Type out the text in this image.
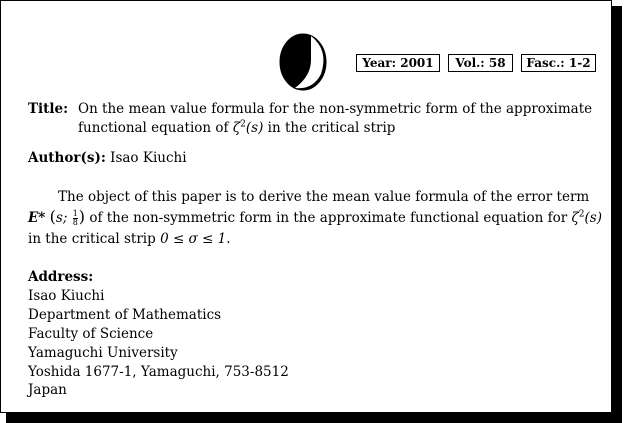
Year: 2001	Vol.: 58	Fasc.: 1-2
Title: On the mean value formula for the non-symmetric form of the approximate
functional equation of $\zeta^2(s)$ in the critical strip
Author(s): Isao Kiuchi
The object of this paper is to derive the mean value formula of the error term
E* (s; $\frac{1}{8}$ ) of the non-symmetric form in the approximate functional equation for $\zeta^2(s)$
in the critical strip 0 ≤ σ ≤ 1.
Address:
Isao Kiuchi
Department of Mathematics
Faculty of Science
Yamaguchi University
Yoshida 1677-1, Yamaguchi, 753-8512
Japan
